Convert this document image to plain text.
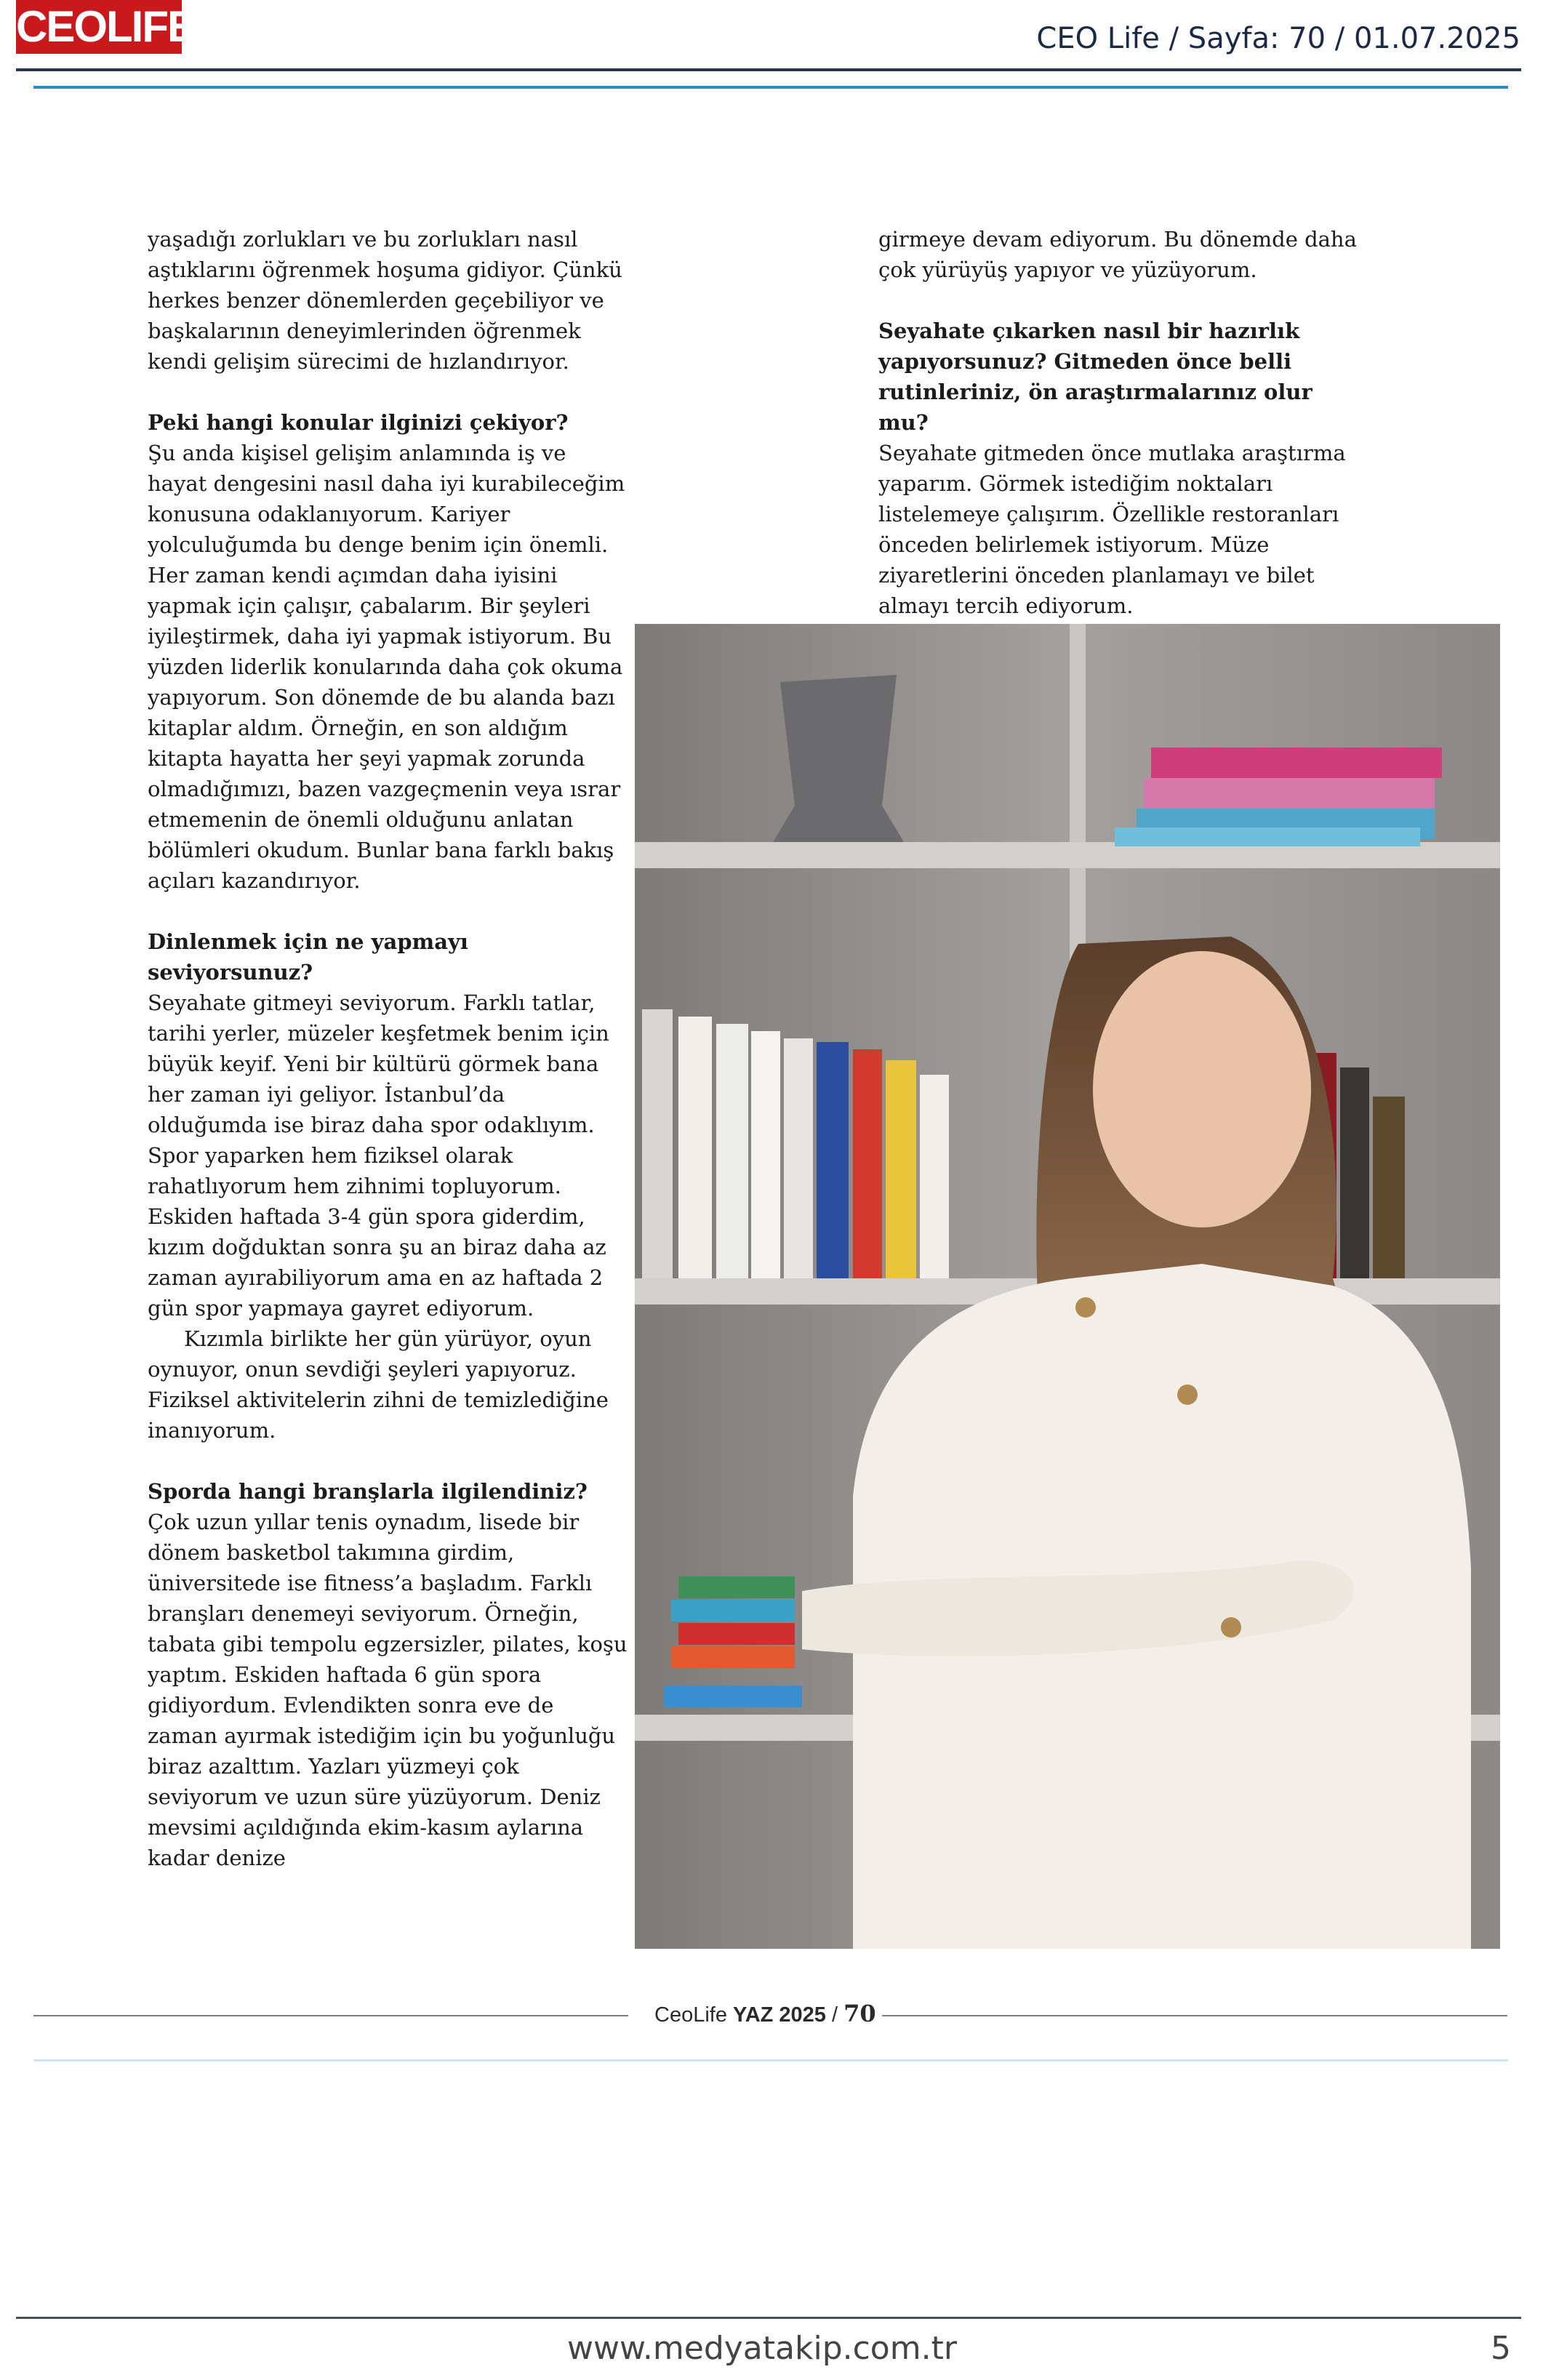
CEOLIFE	CEO Life / Sayfa: 70 / 01.07.2025

yaşadığı zorlukları ve bu zorlukları nasıl aştıklarını öğrenmek hoşuma gidiyor. Çünkü herkes benzer dönemlerden geçebiliyor ve başkalarının deneyimlerinden öğrenmek kendi gelişim sürecimi de hızlandırıyor.

Peki hangi konular ilginizi çekiyor?
Şu anda kişisel gelişim anlamında iş ve hayat dengesini nasıl daha iyi kurabileceğim konusuna odaklanıyorum. Kariyer yolculuğumda bu denge benim için önemli. Her zaman kendi açımdan daha iyisini yapmak için çalışır, çabalarım. Bir şeyleri iyileştirmek, daha iyi yapmak istiyorum. Bu yüzden liderlik konularında daha çok okuma yapıyorum. Son dönemde de bu alanda bazı kitaplar aldım. Örneğin, en son aldığım kitapta hayatta her şeyi yapmak zorunda olmadığımızı, bazen vazgeçmenin veya ısrar etmemenin de önemli olduğunu anlatan bölümleri okudum. Bunlar bana farklı bakış açıları kazandırıyor.

Dinlenmek için ne yapmayı seviyorsunuz?
Seyahate gitmeyi seviyorum. Farklı tatlar, tarihi yerler, müzeler keşfetmek benim için büyük keyif. Yeni bir kültürü görmek bana her zaman iyi geliyor. İstanbul’da olduğumda ise biraz daha spor odaklıyım. Spor yaparken hem fiziksel olarak rahatlıyorum hem zihnimi topluyorum. Eskiden haftada 3-4 gün spora giderdim, kızım doğduktan sonra şu an biraz daha az zaman ayırabiliyorum ama en az haftada 2 gün spor yapmaya gayret ediyorum.

Kızımla birlikte her gün yürüyor, oyun oynuyor, onun sevdiği şeyleri yapıyoruz. Fiziksel aktivitelerin zihni de temizlediğine inanıyorum.

Sporda hangi branşlarla ilgilendiniz?
Çok uzun yıllar tenis oynadım, lisede bir dönem basketbol takımına girdim, üniversitede ise fitness’a başladım. Farklı branşları denemeyi seviyorum. Örneğin, tabata gibi tempolu egzersizler, pilates, koşu yaptım. Eskiden haftada 6 gün spora gidiyordum. Evlendikten sonra eve de zaman ayırmak istediğim için bu yoğunluğu biraz azalttım. Yazları yüzmeyi çok seviyorum ve uzun süre yüzüyorum. Deniz mevsimi açıldığında ekim-kasım aylarına kadar denize

girmeye devam ediyorum. Bu dönemde daha çok yürüyüş yapıyor ve yüzüyorum.

Seyahate çıkarken nasıl bir hazırlık yapıyorsunuz? Gitmeden önce belli rutinleriniz, ön araştırmalarınız olur mu?
Seyahate gitmeden önce mutlaka araştırma yaparım. Görmek istediğim noktaları listelemeye çalışırım. Özellikle restoranları önceden belirlemek istiyorum. Müze ziyaretlerini önceden planlamayı ve bilet almayı tercih ediyorum.

CeoLife YAZ 2025 / 70
www.medyatakip.com.tr	5
